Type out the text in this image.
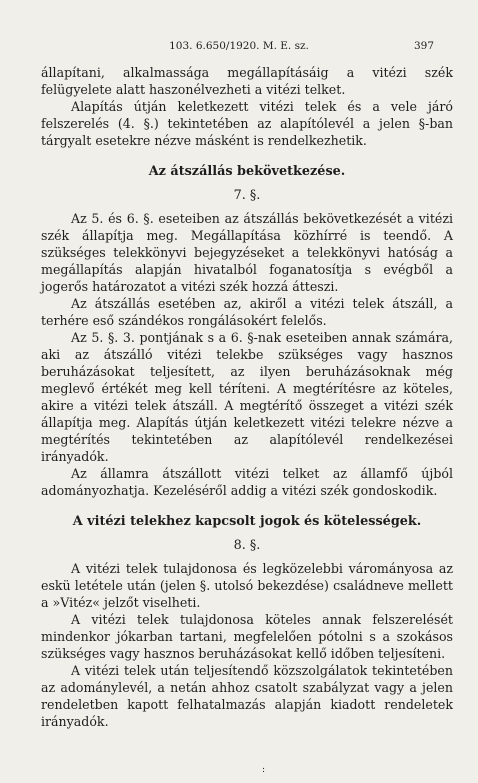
103. 6.650/1920. M. E. sz.	397

állapítani, alkalmasságа megállapításáig a vitézi szék felügyelete alatt haszonélvezheti a vitézi telket.

Alapítás útján keletkezett vitézi telek és a vele járó felszerelés (4. §.) tekintetében az alapítólevél a jelen §-ban tárgyalt esetekre nézve másként is rendelkezhetik.

Az átszállás bekövetkezése.
7. §.

Az 5. és 6. §. eseteiben az átszállás bekövetkezését a vitézi szék állapítja meg. Megállapítása közhírré is teendő. A szükséges telekkönyvi bejegyzéseket a telekkönyvi hatóság a megállapítás alapján hivatalból foganatosítja s evégből a jogerős határozatot a vitézi szék hozzá átteszi.

Az átszállás esetében az, akiről a vitézi telek átszáll, a terhére eső szándékos rongálásokért felelős.

Az 5. §. 3. pontjának s a 6. §-nak eseteiben annak számára, aki az átszálló vitézi telekbe szükséges vagy hasznos beruházásokat teljesített, az ilyen beruházásoknak még meglevő értékét meg kell téríteni. A megtérítésre az köteles, akire a vitézi telek átszáll. A megtérítő összeget a vitézi szék állapítja meg. Alapítás útján keletkezett vitézi telekre nézve a megtérítés tekintetében az alapítólevél rendelkezései irányadók.

Az államra átszállott vitézi telket az államfő újból adományozhatja. Kezeléséről addig a vitézi szék gondoskodik.

A vitézi telekhez kapcsolt jogok és kötelességek.
8. §.

A vitézi telek tulajdonosa és legközelebbi várományosa az eskü letétele után (jelen §. utolsó bekezdése) családneve mellett a »Vitéz« jelzőt viselheti.

A vitézi telek tulajdonosa köteles annak felszerelését mindenkor jókarban tartani, megfelelően pótolni s a szokásos szükséges vagy hasznos beruházásokat kellő időben teljesíteni.

A vitézi telek után teljesítendő közszolgálatok tekintetében az adománylevél, a netán ahhoz csatolt szabályzat vagy a jelen rendeletben kapott felhatalmazás alapján kiadott rendeletek irányadók.

:
